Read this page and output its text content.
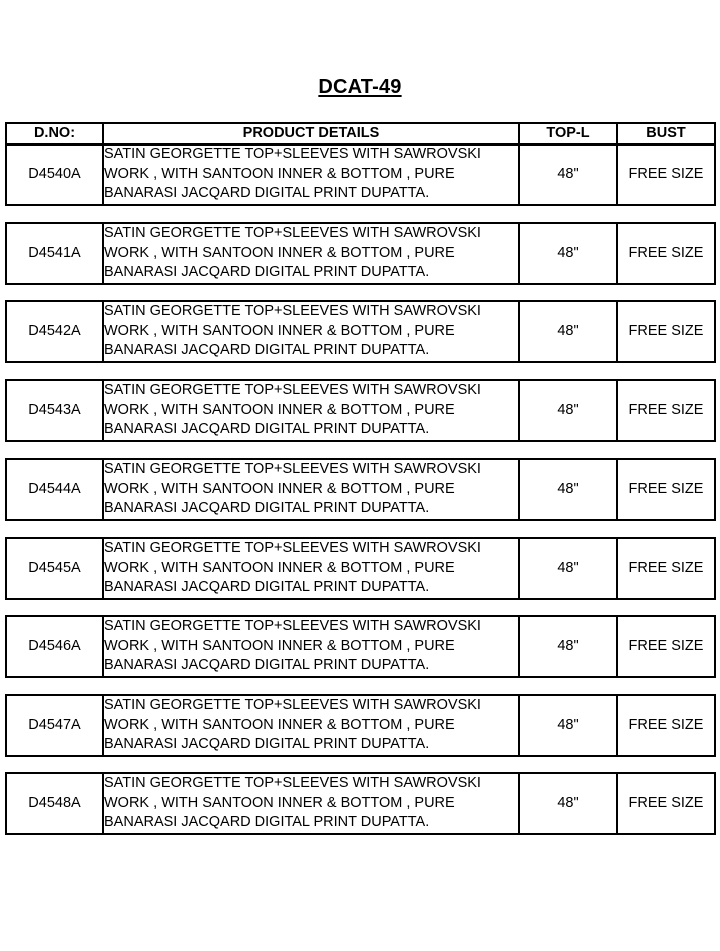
DCAT-49
D.NO:	PRODUCT DETAILS	TOP-L	BUST
D4540A	SATIN GEORGETTE TOP+SLEEVES WITH SAWROVSKI
WORK , WITH SANTOON INNER & BOTTOM , PURE
BANARASI JACQARD DIGITAL PRINT DUPATTA.	48"	FREE SIZE
D4541A	SATIN GEORGETTE TOP+SLEEVES WITH SAWROVSKI
WORK , WITH SANTOON INNER & BOTTOM , PURE
BANARASI JACQARD DIGITAL PRINT DUPATTA.	48"	FREE SIZE
D4542A	SATIN GEORGETTE TOP+SLEEVES WITH SAWROVSKI
WORK , WITH SANTOON INNER & BOTTOM , PURE
BANARASI JACQARD DIGITAL PRINT DUPATTA.	48"	FREE SIZE
D4543A	SATIN GEORGETTE TOP+SLEEVES WITH SAWROVSKI
WORK , WITH SANTOON INNER & BOTTOM , PURE
BANARASI JACQARD DIGITAL PRINT DUPATTA.	48"	FREE SIZE
D4544A	SATIN GEORGETTE TOP+SLEEVES WITH SAWROVSKI
WORK , WITH SANTOON INNER & BOTTOM , PURE
BANARASI JACQARD DIGITAL PRINT DUPATTA.	48"	FREE SIZE
D4545A	SATIN GEORGETTE TOP+SLEEVES WITH SAWROVSKI
WORK , WITH SANTOON INNER & BOTTOM , PURE
BANARASI JACQARD DIGITAL PRINT DUPATTA.	48"	FREE SIZE
D4546A	SATIN GEORGETTE TOP+SLEEVES WITH SAWROVSKI
WORK , WITH SANTOON INNER & BOTTOM , PURE
BANARASI JACQARD DIGITAL PRINT DUPATTA.	48"	FREE SIZE
D4547A	SATIN GEORGETTE TOP+SLEEVES WITH SAWROVSKI
WORK , WITH SANTOON INNER & BOTTOM , PURE
BANARASI JACQARD DIGITAL PRINT DUPATTA.	48"	FREE SIZE
D4548A	SATIN GEORGETTE TOP+SLEEVES WITH SAWROVSKI
WORK , WITH SANTOON INNER & BOTTOM , PURE
BANARASI JACQARD DIGITAL PRINT DUPATTA.	48"	FREE SIZE
